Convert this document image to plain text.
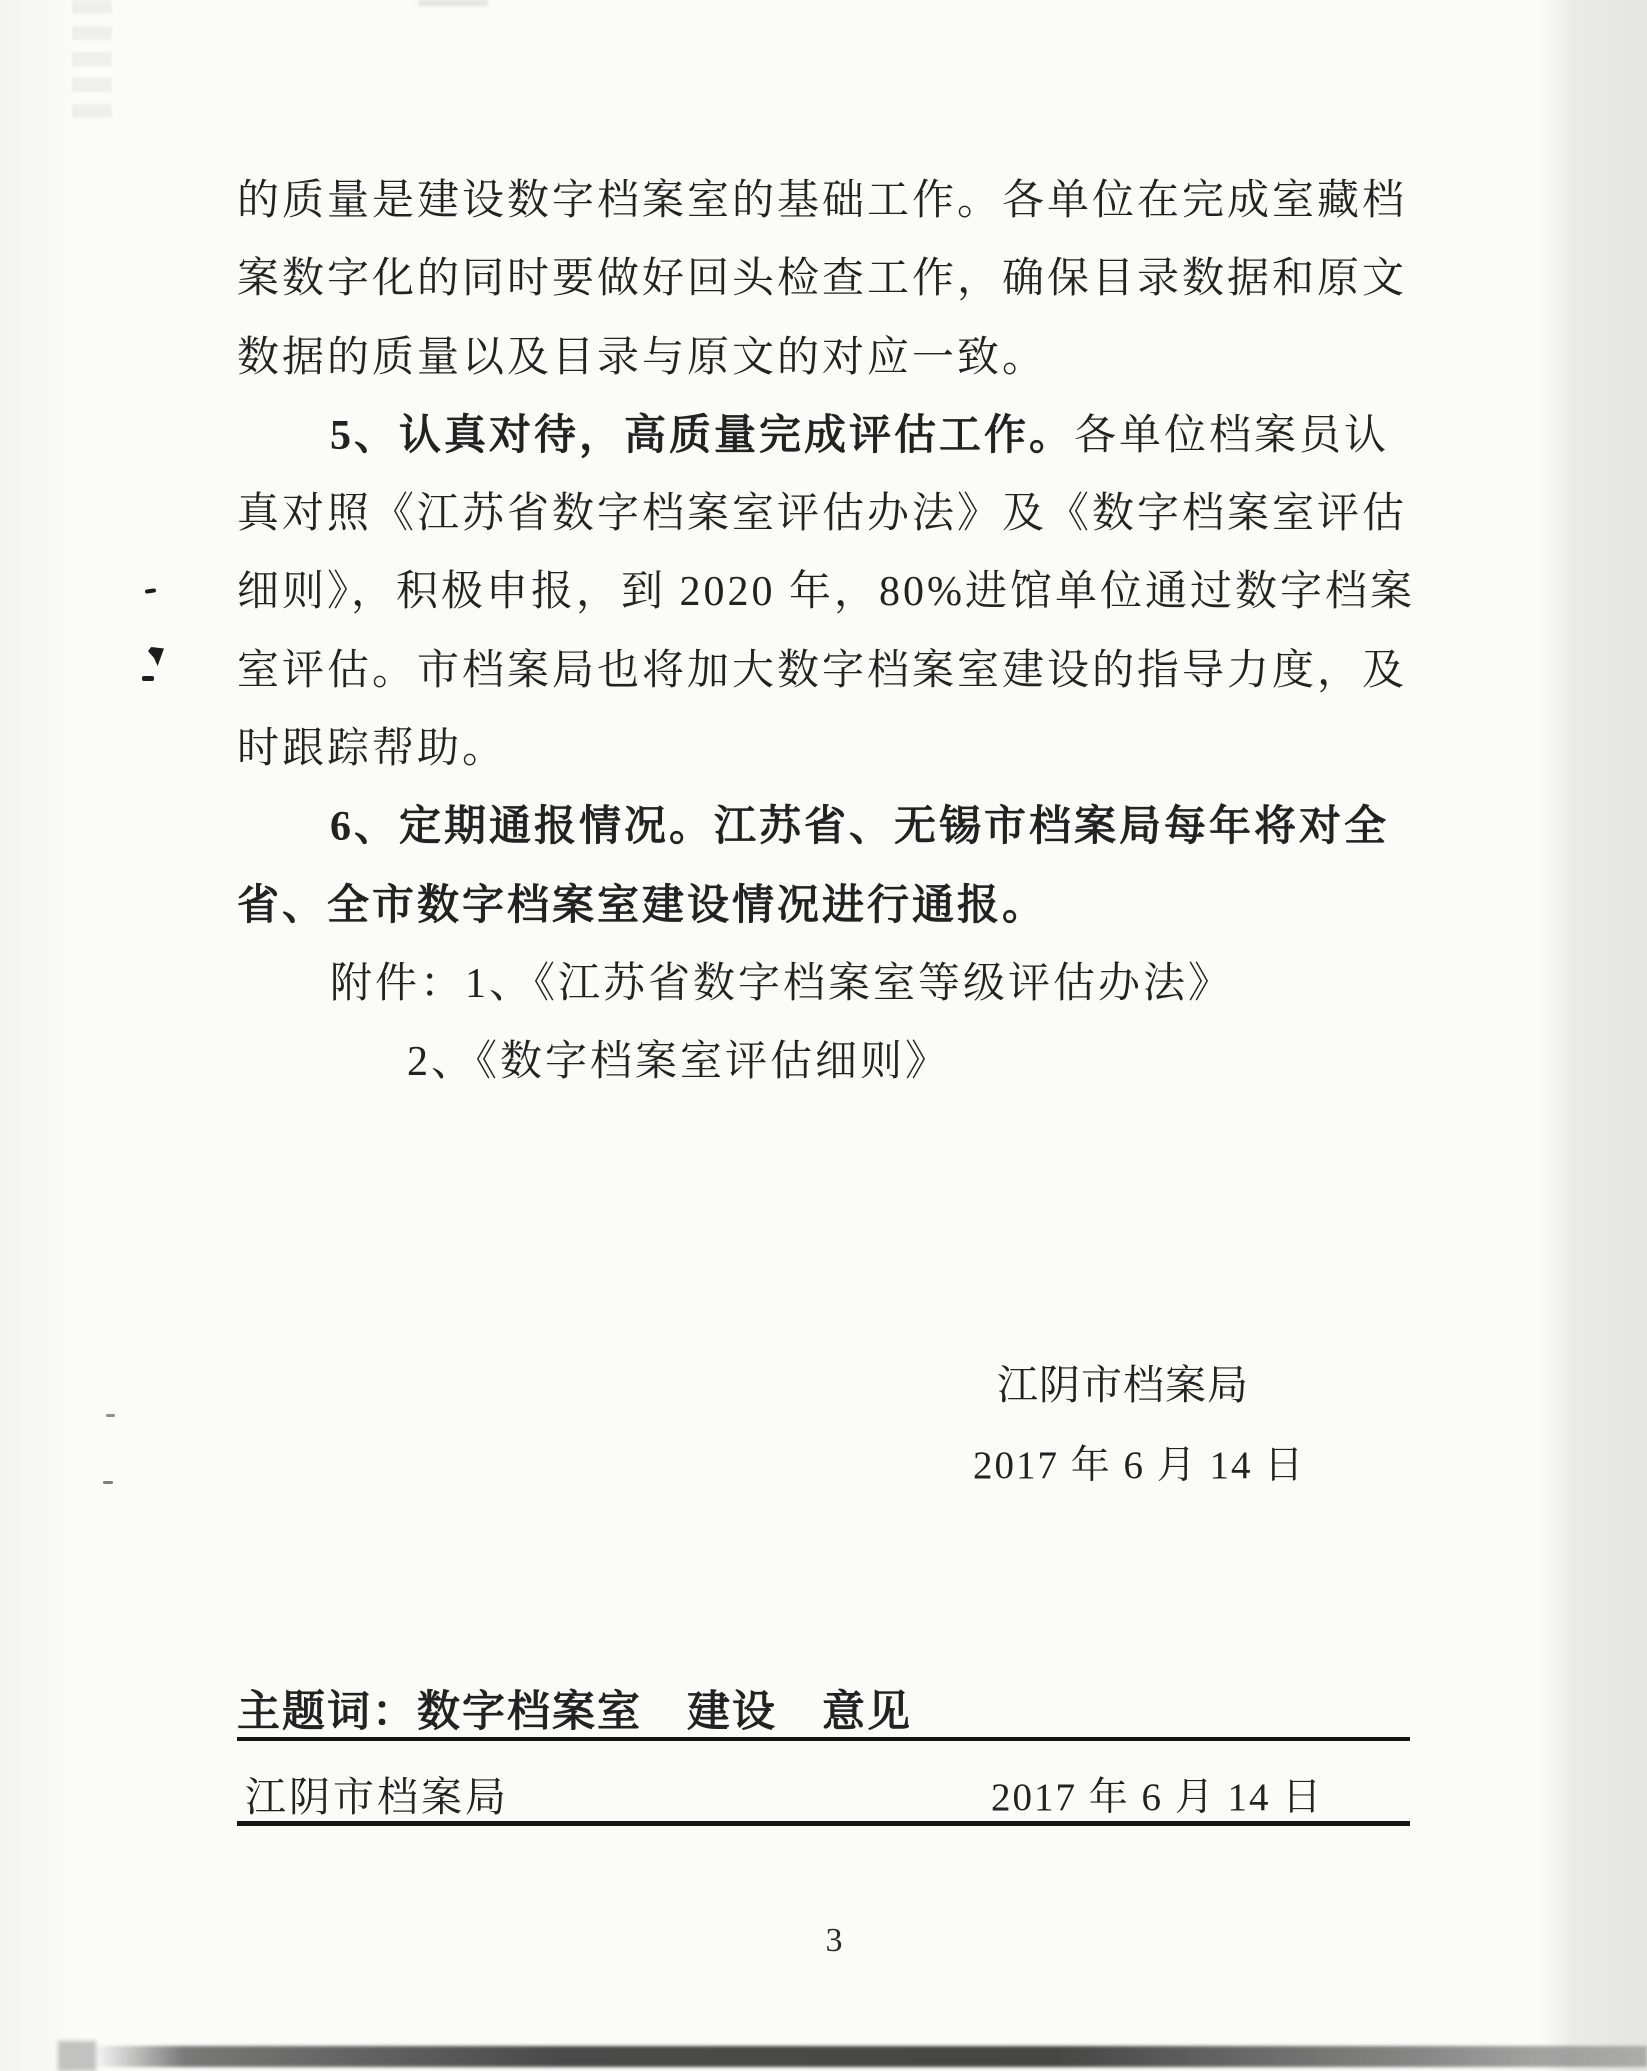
的质量是建设数字档案室的基础工作。各单位在完成室藏档
案数字化的同时要做好回头检查工作，确保目录数据和原文
数据的质量以及目录与原文的对应一致。
5、认真对待，高质量完成评估工作。各单位档案员认
真对照《江苏省数字档案室评估办法》及《数字档案室评估
细则》，积极申报，到 2020 年，80%进馆单位通过数字档案
室评估。市档案局也将加大数字档案室建设的指导力度，及
时跟踪帮助。
6、定期通报情况。江苏省、无锡市档案局每年将对全
省、全市数字档案室建设情况进行通报。
附件：1、《江苏省数字档案室等级评估办法》
2、《数字档案室评估细则》
江阴市档案局
2017 年 6 月 14 日
主题词：数字档案室　建设　意见
江阴市档案局	2017 年 6 月 14 日
3
